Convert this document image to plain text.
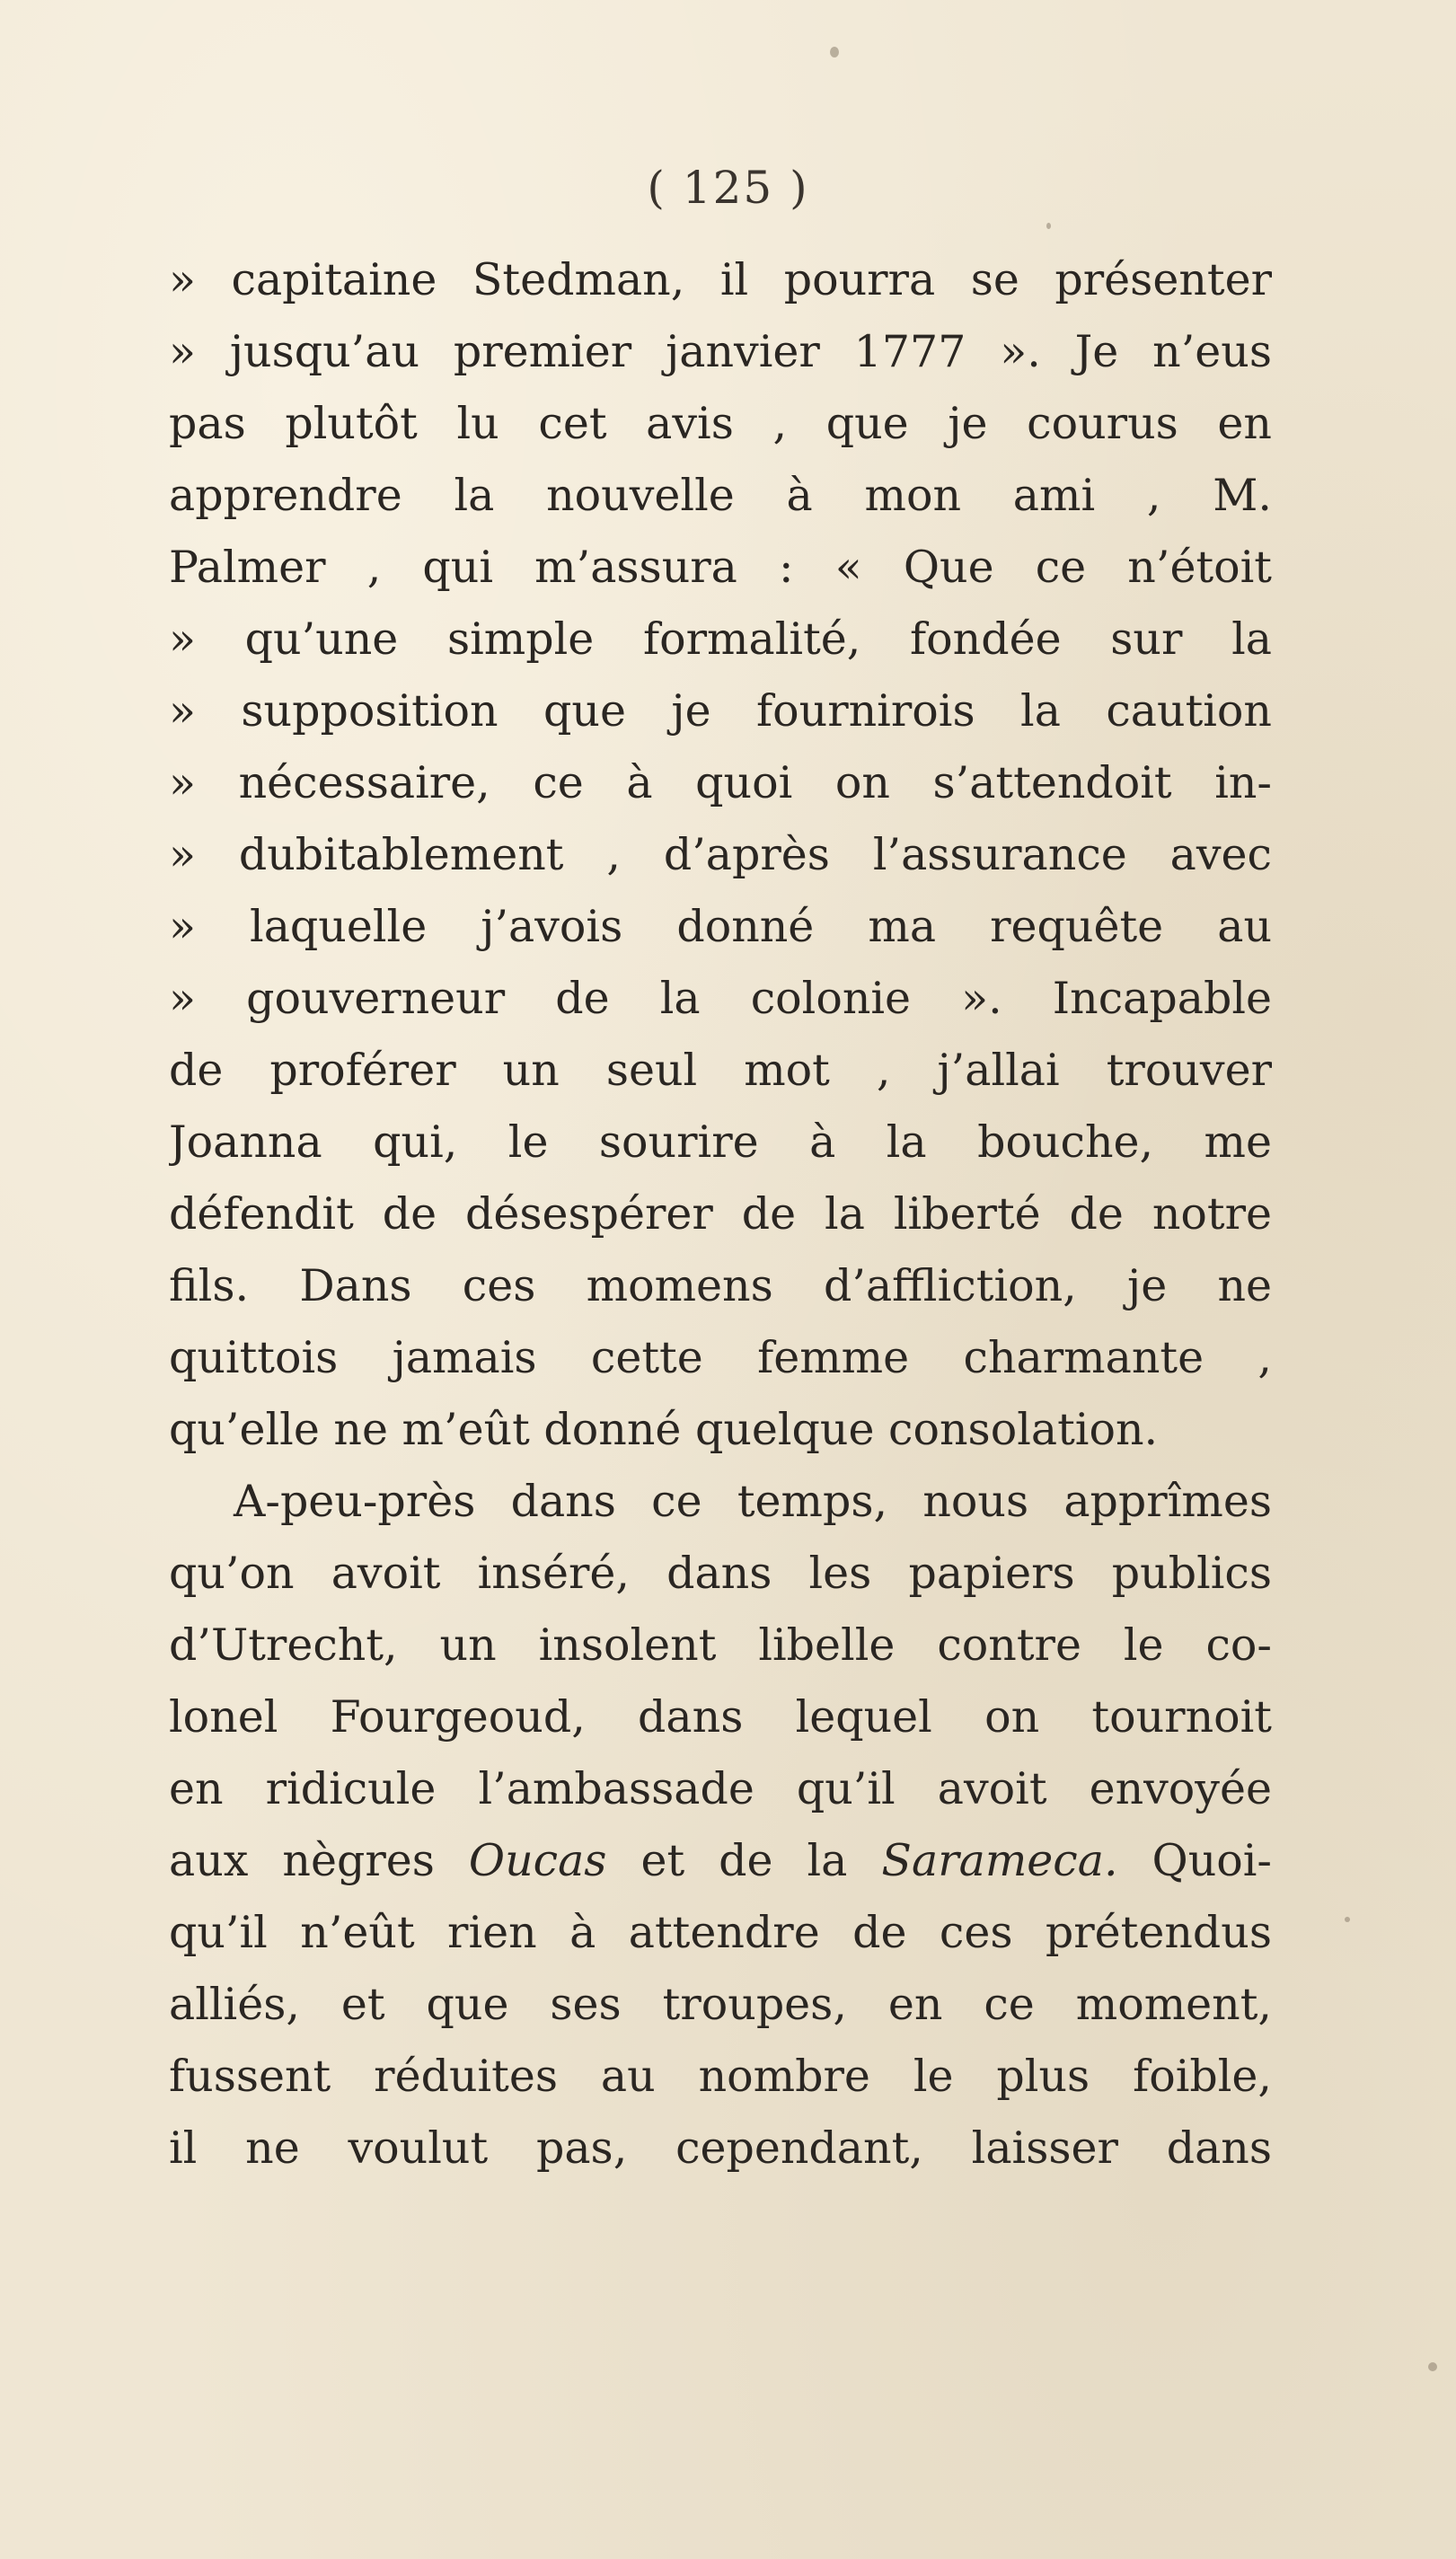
( 125 )
» capitaine Stedman, il pourra se présenter
» jusqu’au premier janvier 1777 ». Je n’eus
pas plutôt lu cet avis , que je courus en
apprendre la nouvelle à mon ami , M.
Palmer , qui m’assura : « Que ce n’étoit
» qu’une simple formalité, fondée sur la
» supposition que je fournirois la caution
» nécessaire, ce à quoi on s’attendoit in-
» dubitablement , d’après l’assurance avec
» laquelle j’avois donné ma requête au
» gouverneur de la colonie ». Incapable
de proférer un seul mot , j’allai trouver
Joanna qui, le sourire à la bouche, me
défendit de désespérer de la liberté de notre
fils. Dans ces momens d’affliction, je ne
quittois jamais cette femme charmante ,
qu’elle ne m’eût donné quelque consolation.
A-peu-près dans ce temps, nous apprîmes
qu’on avoit inséré, dans les papiers publics
d’Utrecht, un insolent libelle contre le co-
lonel Fourgeoud, dans lequel on tournoit
en ridicule l’ambassade qu’il avoit envoyée
aux nègres Oucas et de la Sarameca. Quoi-
qu’il n’eût rien à attendre de ces prétendus
alliés, et que ses troupes, en ce moment,
fussent réduites au nombre le plus foible,
il ne voulut pas, cependant, laisser dans
